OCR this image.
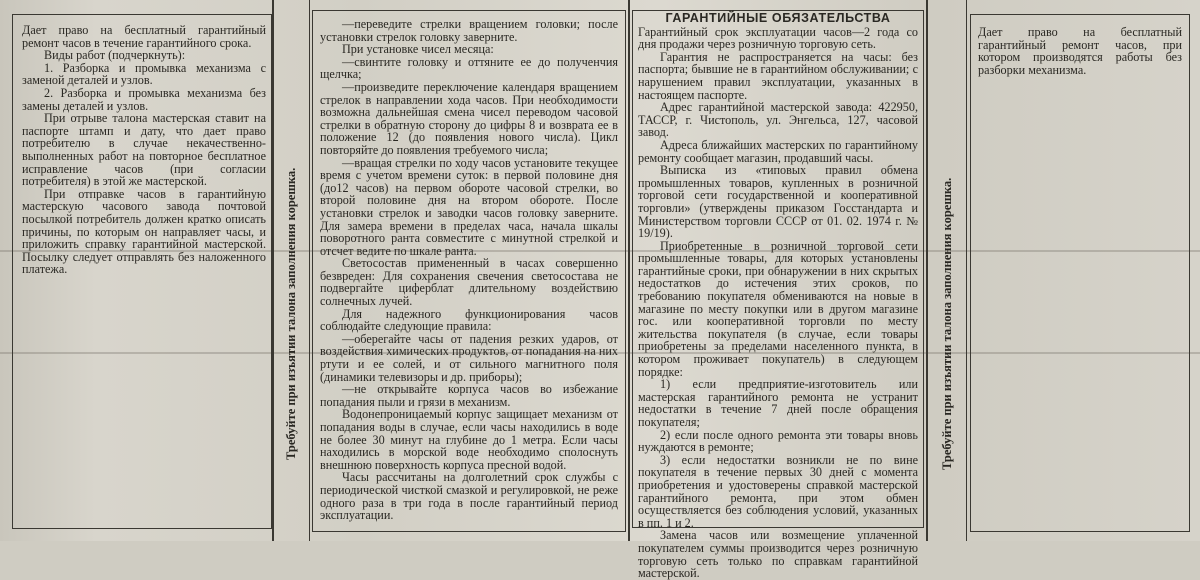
Дает право на бесплатный гарантийный ремонт часов в течение гарантийного срока.

Виды работ (подчеркнуть):

1. Разборка и промывка механизма с заменой деталей и узлов.

2. Разборка и промывка механизма без замены деталей и узлов.

При отрыве талона мастерская ставит на паспорте штамп и дату, что дает право потребителю в случае некачественно-выполненных работ на повторное бесплатное исправление часов (при согласии потребителя) в этой же мастерской.

При отправке часов в гарантийную мастерскую часового завода почтовой посылкой потребитель должен кратко описать причины, по которым он направляет часы, и приложить справку гарантийной мастерской. Посылку следует отправлять без наложенного платежа.	Требуйте при изъятии талона заполнения корешка.

—переведите стрелки вращением головки; после установки стрелок головку заверните.

При установке чисел месяца:

—свинтите головку и оттяните ее до полученчия щелчка;

—произведите переключение календаря вращением стрелок в направлении хода часов. При необходимости возможна дальнейшая смена чисел переводом часовой стрелки в обратную сторону до цифры 8 и возврата ее в положение 12 (до появления нового числа). Цикл повторяйте до появления требуемого числа;

—вращая стрелки по ходу часов установите текущее время с учетом времени суток: в первой половине дня (до12 часов) на первом обороте часовой стрелки, во второй половине дня на втором обороте. После установки стрелок и заводки часов головку заверните. Для замера времени в пределах часа, начала шкалы поворотного ранта совместите с минутной стрелкой и отсчет ведите по шкале ранта.

Светосостав примененный в часах совершенно безвреден: Для сохранения свечения светосостава не подвергайте циферблат длительному воздействию солнечных лучей.

Для надежного функционирования часов соблюдайте следующие правила:

—оберегайте часы от падения резких ударов, от воздействия химических продуктов, от попадания на них ртути и ее солей, и от сильного магнитного поля (динамики телевизоры и др. приборы);

—не открывайте корпуса часов во избежание попадания пыли и грязи в механизм.

Водонепроницаемый корпус защищает механизм от попадания воды в случае, если часы находились в воде не более 30 минут на глубине до 1 метра. Если часы находились в морской воде необходимо сполоснуть внешнюю поверхность корпуса пресной водой.

Часы рассчитаны на долголетний срок службы с периодической чисткой смазкой и регулировкой, не реже одного раза в три года в после гарантийный период эксплуатации.

ГАРАНТИЙНЫЕ ОБЯЗАТЕЛЬСТВА

Гарантийный срок эксплуатации часов—2 года со дня продажи через розничную торговую сеть.

Гарантия не распространяется на часы: без паспорта; бывшие не в гарантийном обслуживании; с нарушением правил эксплуатации, указанных в настоящем паспорте.

Адрес гарантийной мастерской завода: 422950, ТАССР, г. Чистополь, ул. Энгельса, 127, часовой завод.

Адреса ближайших мастерских по гарантийному ремонту сообщает магазин, продавший часы.

Выписка из «типовых правил обмена промышленных товаров, купленных в розничной торговой сети государственной и кооперативной торговли» (утверждены приказом Госстандарта и Министерством торговли СССР от 01. 02. 1974 г. № 19/19).

Приобретенные в розничной торговой сети промышленные товары, для которых установлены гарантийные сроки, при обнаружении в них скрытых недостатков до истечения этих сроков, по требованию покупателя обмениваются на новые в магазине по месту покупки или в другом магазине гос. или кооперативной торговли по месту жительства покупателя (в случае, если товары приобретены за пределами населенного пункта, в котором проживает покупатель) в следующем порядке:

1) если предприятие-изготовитель или мастерская гарантийного ремонта не устранит недостатки в течение 7 дней после обращения покупателя;

2) если после одного ремонта эти товары вновь нуждаются в ремонте;

3) если недостатки возникли не по вине покупателя в течение первых 30 дней с момента приобретения и удостоверены справкой мастерской гарантийного ремонта, при этом обмен осуществляется без соблюдения условий, указанных в пп. 1 и 2.

Замена часов или возмещение уплаченной покупателем суммы производится через розничную торговую сеть только по справкам гарантийной мастерской.

Требуйте при изъятии талона заполнения корешка.

Дает право на бесплатный гарантийный ремонт часов, при котором производятся работы без разборки механизма.
